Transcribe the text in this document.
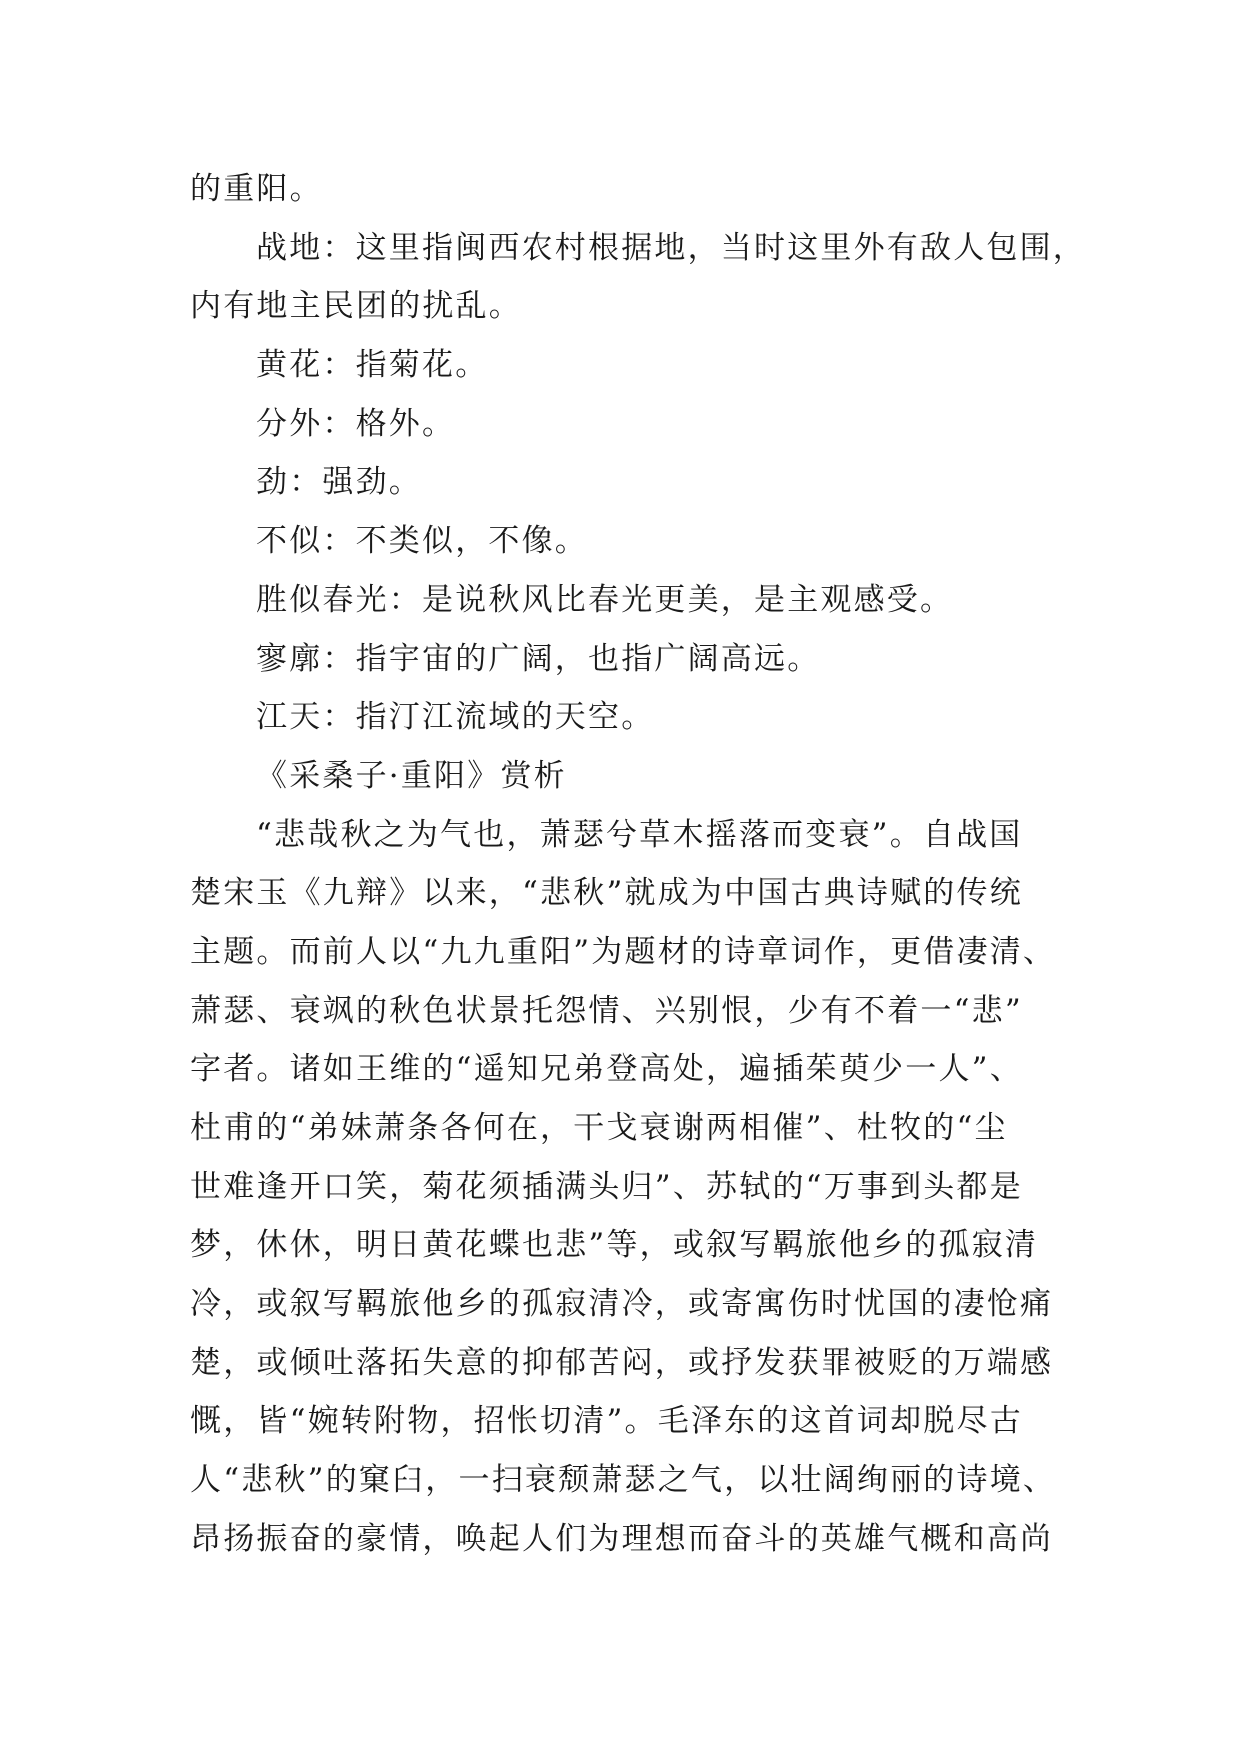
的重阳。
战地：这里指闽西农村根据地，当时这里外有敌人包围，
内有地主民团的扰乱。
黄花：指菊花。
分外：格外。
劲：强劲。
不似：不类似，不像。
胜似春光：是说秋风比春光更美，是主观感受。
寥廓：指宇宙的广阔，也指广阔高远。
江天：指汀江流域的天空。
《采桑子·重阳》赏析
“悲哉秋之为气也，萧瑟兮草木摇落而变衰”。自战国
楚宋玉《九辩》以来，“悲秋”就成为中国古典诗赋的传统
主题。而前人以“九九重阳”为题材的诗章词作，更借凄清、
萧瑟、衰飒的秋色状景托怨情、兴别恨，少有不着一“悲”
字者。诸如王维的“遥知兄弟登高处，遍插茱萸少一人”、
杜甫的“弟妹萧条各何在，干戈衰谢两相催”、杜牧的“尘
世难逢开口笑，菊花须插满头归”、苏轼的“万事到头都是
梦，休休，明日黄花蝶也悲”等，或叙写羁旅他乡的孤寂清
冷，或叙写羁旅他乡的孤寂清冷，或寄寓伤时忧国的凄怆痛
楚，或倾吐落拓失意的抑郁苦闷，或抒发获罪被贬的万端感
慨，皆“婉转附物，招怅切清”。毛泽东的这首词却脱尽古
人“悲秋”的窠臼，一扫衰颓萧瑟之气，以壮阔绚丽的诗境、
昂扬振奋的豪情，唤起人们为理想而奋斗的英雄气概和高尚
